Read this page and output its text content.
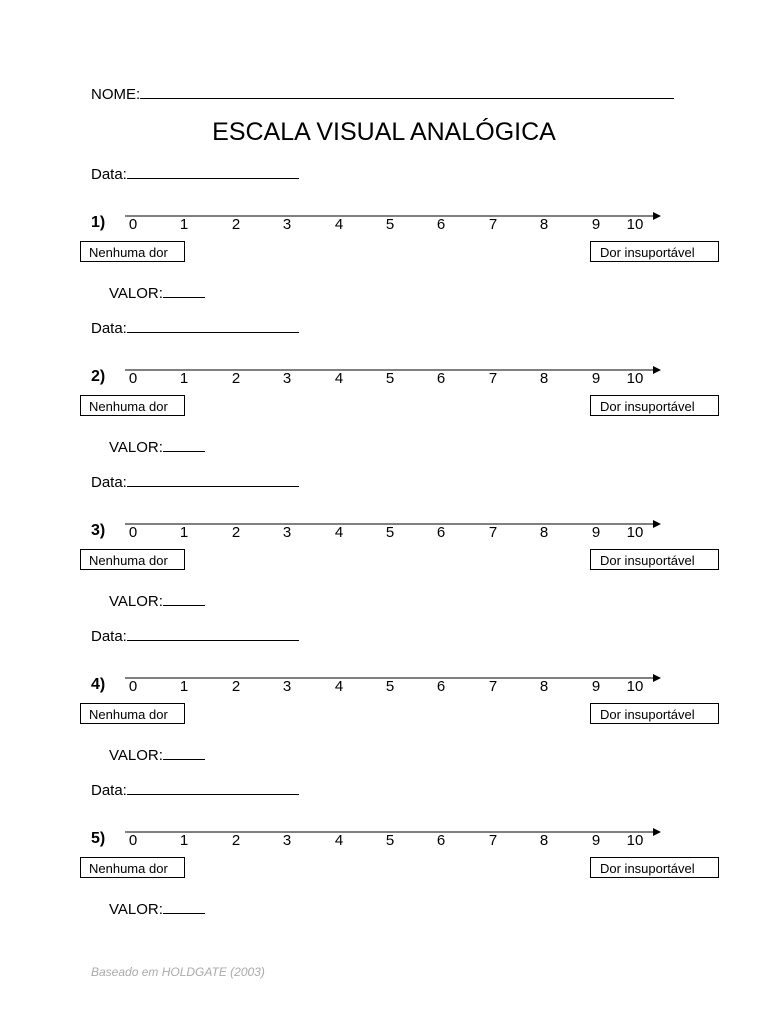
NOME:
ESCALA VISUAL ANALÓGICA
Data:
1) 0	1	2	3	4	5	6	7	8	9 10
Nenhuma dor	Dor insuportável
VALOR:
Data:
2) 0	1	2	3	4	5	6	7	8	9 10
Nenhuma dor	Dor insuportável
VALOR:
Data:
3) 0	1	2	3	4	5	6	7	8	9 10
Nenhuma dor	Dor insuportável
VALOR:
Data:
4) 0	1	2	3	4	5	6	7	8	9 10
Nenhuma dor	Dor insuportável
VALOR:
Data:
5) 0	1	2	3	4	5	6	7	8	9 10
Nenhuma dor	Dor insuportável
VALOR:
Baseado em HOLDGATE (2003)
